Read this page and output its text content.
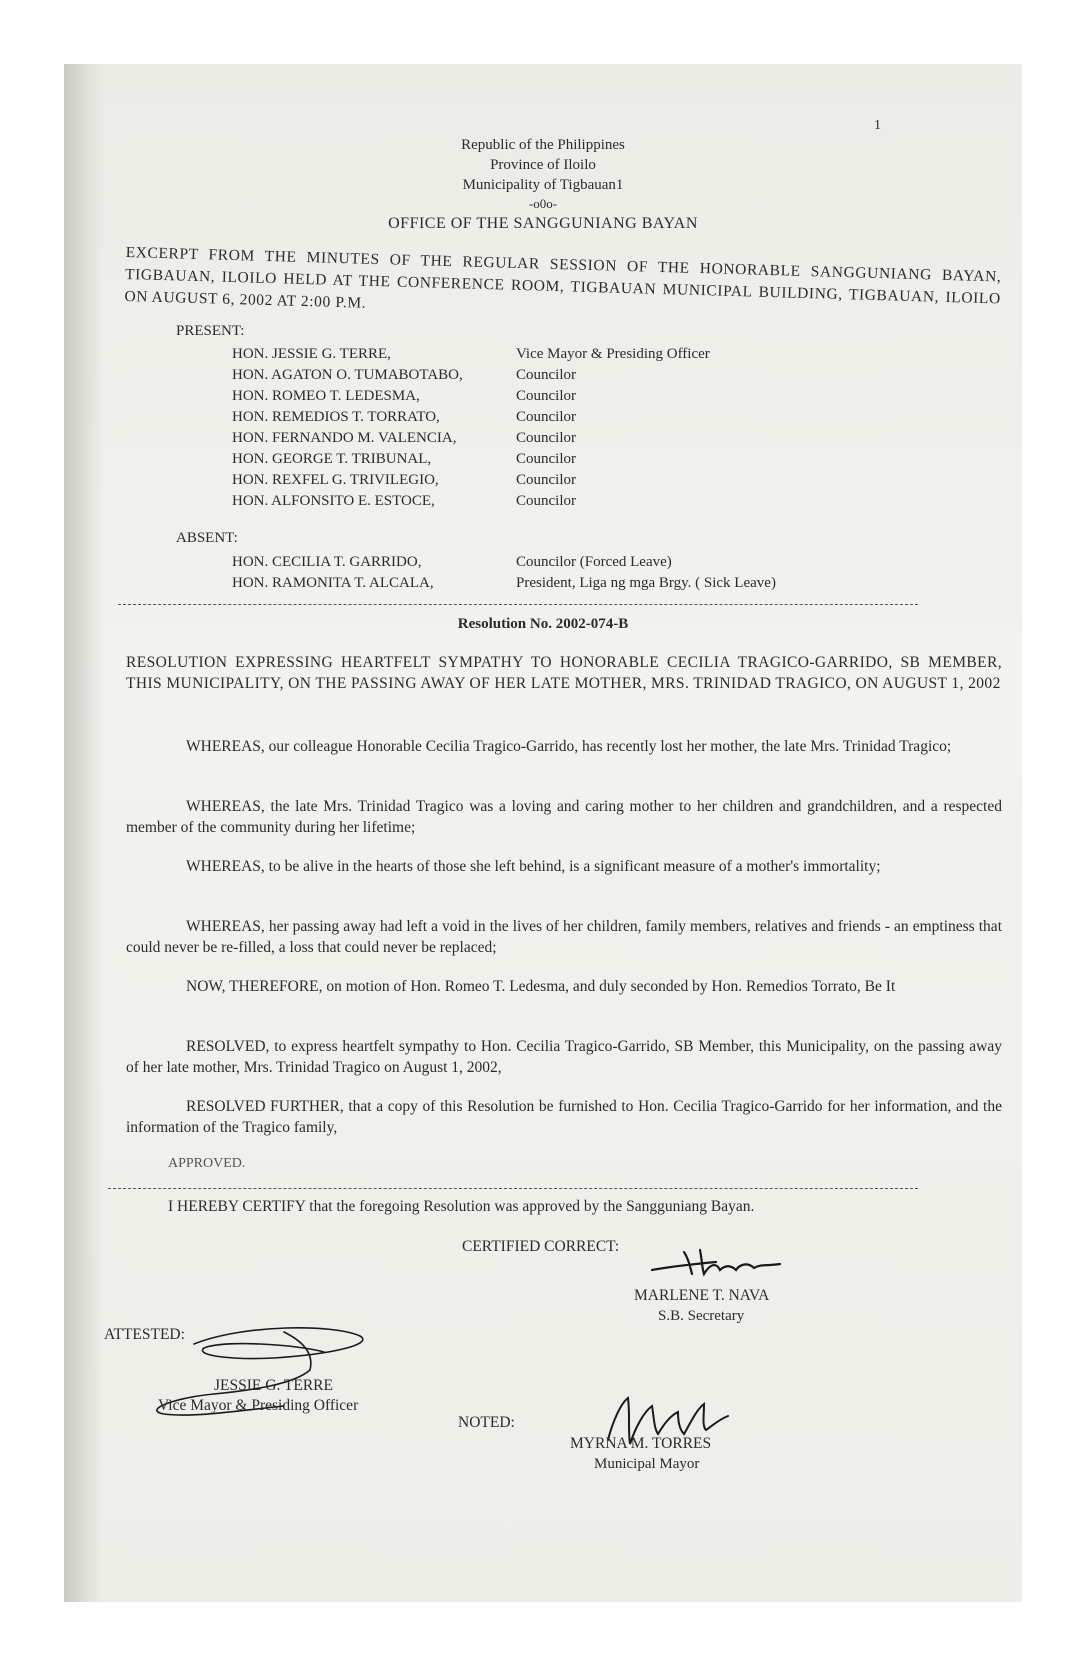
1
Republic of the Philippines
Province of Iloilo
Municipality of Tigbauan1
-o0o-
OFFICE OF THE SANGGUNIANG BAYAN
EXCERPT FROM THE MINUTES OF THE REGULAR SESSION OF THE HONORABLE SANGGUNIANG BAYAN, TIGBAUAN, ILOILO HELD AT THE CONFERENCE ROOM, TIGBAUAN MUNICIPAL BUILDING, TIGBAUAN, ILOILO ON AUGUST 6, 2002 AT 2:00 P.M.
PRESENT:
HON. JESSIE G. TERRE,	Vice Mayor & Presiding Officer
HON. AGATON O. TUMABOTABO,	Councilor
HON. ROMEO T. LEDESMA,	Councilor
HON. REMEDIOS T. TORRATO,	Councilor
HON. FERNANDO M. VALENCIA,	Councilor
HON. GEORGE T. TRIBUNAL,	Councilor
HON. REXFEL G. TRIVILEGIO,	Councilor
HON. ALFONSITO E. ESTOCE,	Councilor
ABSENT:
HON. CECILIA T. GARRIDO,	Councilor (Forced Leave)
HON. RAMONITA T. ALCALA,	President, Liga ng mga Brgy. ( Sick Leave)
Resolution No. 2002-074-B
RESOLUTION EXPRESSING HEARTFELT SYMPATHY TO HONORABLE CECILIA TRAGICO-GARRIDO, SB MEMBER, THIS MUNICIPALITY, ON THE PASSING AWAY OF HER LATE MOTHER, MRS. TRINIDAD TRAGICO, ON AUGUST 1, 2002
WHEREAS, our colleague Honorable Cecilia Tragico-Garrido, has recently lost her mother, the late Mrs. Trinidad Tragico;
WHEREAS, the late Mrs. Trinidad Tragico was a loving and caring mother to her children and grandchildren, and a respected member of the community during her lifetime;
WHEREAS, to be alive in the hearts of those she left behind, is a significant measure of a mother's immortality;
WHEREAS, her passing away had left a void in the lives of her children, family members, relatives and friends - an emptiness that could never be re-filled, a loss that could never be replaced;
NOW, THEREFORE, on motion of Hon. Romeo T. Ledesma, and duly seconded by Hon. Remedios Torrato, Be It
RESOLVED, to express heartfelt sympathy to Hon. Cecilia Tragico-Garrido, SB Member, this Municipality, on the passing away of her late mother, Mrs. Trinidad Tragico on August 1, 2002,
RESOLVED FURTHER, that a copy of this Resolution be furnished to Hon. Cecilia Tragico-Garrido for her information, and the information of the Tragico family,
APPROVED.
I HEREBY CERTIFY that the foregoing Resolution was approved by the Sangguniang Bayan.
CERTIFIED CORRECT:
MARLENE T. NAVA
S.B. Secretary
ATTESTED:
JESSIE G. TERRE
Vice Mayor & Presiding Officer
NOTED:
MYRNA M. TORRES
Municipal Mayor
